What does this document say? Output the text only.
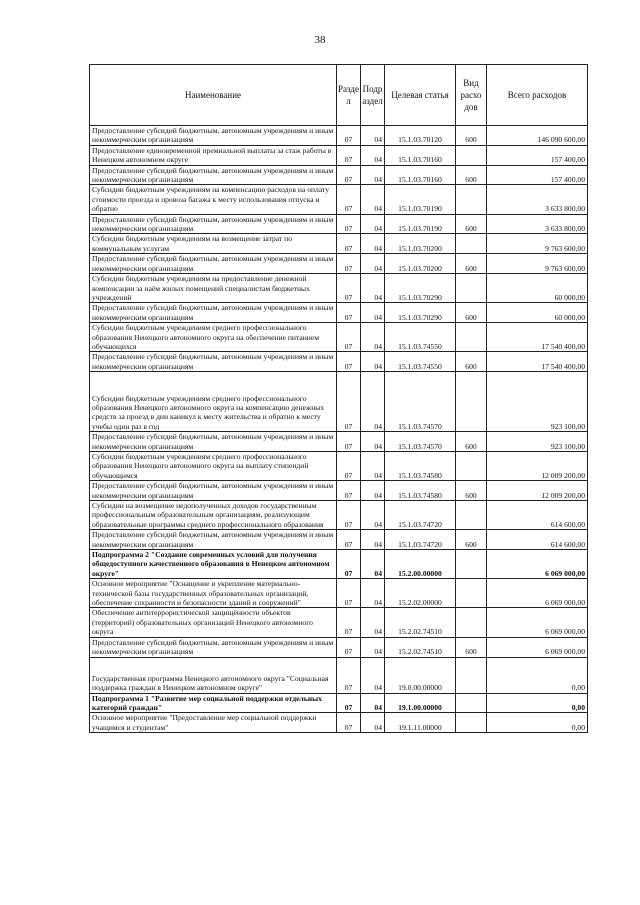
38
Наименование	Разде л	Подр аздел	Целевая статья	Вид расхо дов	Всего расходов
Предоставление субсидий бюджетным, автономным учреждениям и иным некоммерческим организациям	07	04	15.1.03.70120	600	146 090 600,00
Предоставление единовременной премиальной выплаты за стаж работы в Ненецком автономном округе	07	04	15.1.03.70160		157 400,00
Предоставление субсидий бюджетным, автономным учреждениям и иным некоммерческим организациям	07	04	15.1.03.70160	600	157 400,00
Субсидии бюджетным учреждениям на компенсацию расходов на оплату стоимости проезда и провоза багажа к месту использования отпуска и обратно	07	04	15.1.03.70190		3 633 800,00
Предоставление субсидий бюджетным, автономным учреждениям и иным некоммерческим организациям	07	04	15.1.03.70190	600	3 633 800,00
Субсидии бюджетным учреждениям на возмещение затрат по коммунальным услугам	07	04	15.1.03.70200		9 763 600,00
Предоставление субсидий бюджетным, автономным учреждениям и иным некоммерческим организациям	07	04	15.1.03.70200	600	9 763 600,00
Субсидии бюджетным учреждениям на предоставление денежной компенсации за наём жилых помещений специалистам бюджетных учреждений	07	04	15.1.03.70290		60 000,00
Предоставление субсидий бюджетным, автономным учреждениям и иным некоммерческим организациям	07	04	15.1.03.70290	600	60 000,00
Субсидии бюджетным учреждениям среднего профессионального образования Ненецкого автономного округа на обеспечение питанием обучающихся	07	04	15.1.03.74550		17 540 400,00
Предоставление субсидий бюджетным, автономным учреждениям и иным некоммерческим организациям	07	04	15.1.03.74550	600	17 540 400,00
Субсидии бюджетным учреждениям среднего профессионального образования Ненецкого автономного округа на компенсацию денежных средств за проезд в дни каникул к месту жительства и обратно к месту учебы один раз в год	07	04	15.1.03.74570		923 100,00
Предоставление субсидий бюджетным, автономным учреждениям и иным некоммерческим организациям	07	04	15.1.03.74570	600	923 100,00
Субсидии бюджетным учреждениям среднего профессионального образования Ненецкого автономного округа на выплату стипендий обучающимся	07	04	15.1.03.74580		12 009 200,00
Предоставление субсидий бюджетным, автономным учреждениям и иным некоммерческим организациям	07	04	15.1.03.74580	600	12 009 200,00
Субсидии на возмещение недополученных доходов государственным профессиональным образовательным организациям, реализующим образовательные программы среднего профессионального образования	07	04	15.1.03.74720		614 600,00
Предоставление субсидий бюджетным, автономным учреждениям и иным некоммерческим организациям	07	04	15.1.03.74720	600	614 600,00
Подпрограмма 2 "Создание современных условий для получения общедоступного качественного образования в Ненецком автономном округе"	07	04	15.2.00.00000		6 069 000,00
Основное мероприятие "Оснащение и укрепление материально-технической базы государственных образовательных организаций, обеспечение сохранности и безопасности зданий и сооружений"	07	04	15.2.02.00000		6 069 000,00
Обеспечение антитеррористической защищённости объектов (территорий) образовательных организаций Ненецкого автономного округа	07	04	15.2.02.74510		6 069 000,00
Предоставление субсидий бюджетным, автономным учреждениям и иным некоммерческим организациям	07	04	15.2.02.74510	600	6 069 000,00
Государственная программа Ненецкого автономного округа "Социальная поддержка граждан в Ненецком автономном округе"	07	04	19.0.00.00000		0,00
Подпрограмма 1 "Развитие мер социальной поддержки отдельных категорий граждан"	07	04	19.1.00.00000		0,00
Основное мероприятие "Предоставление мер социальной поддержки учащимся и студентам"	07	04	19.1.11.00000		0,00
